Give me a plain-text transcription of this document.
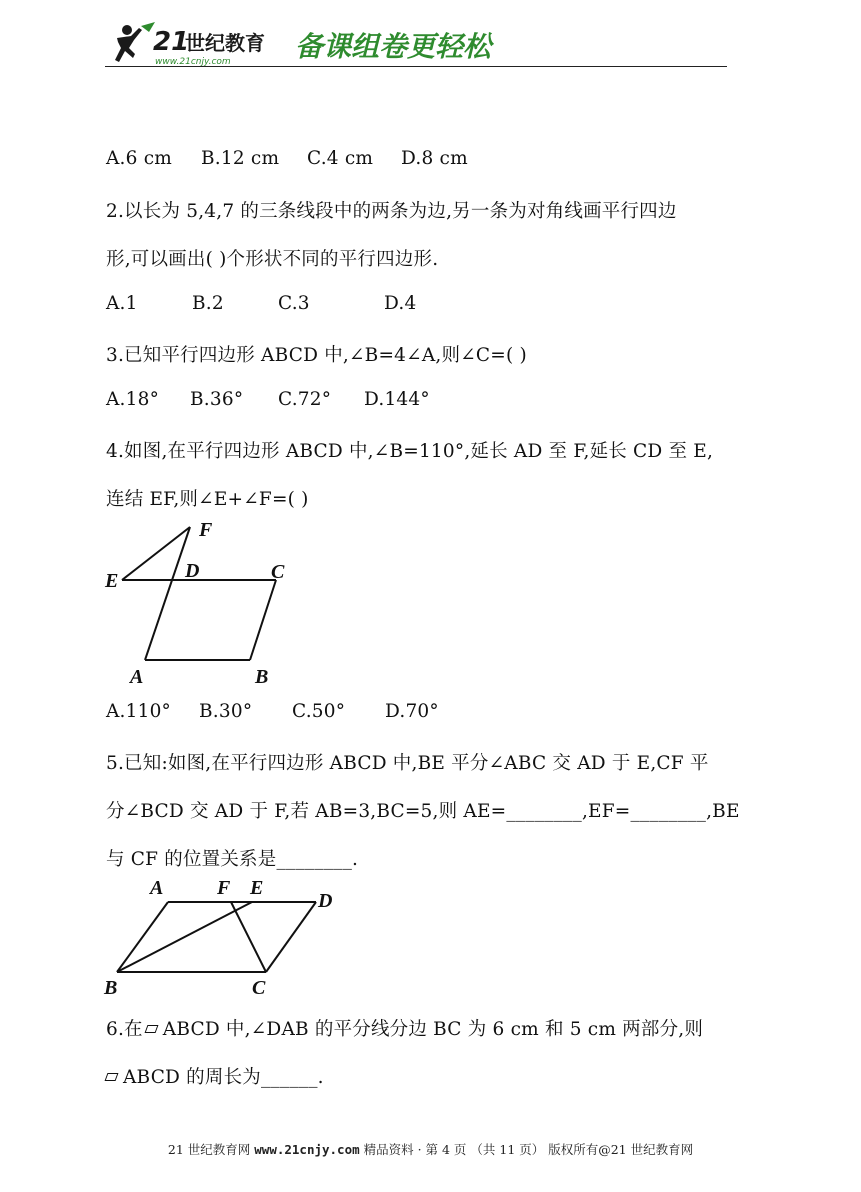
21
世纪教育
www.21cnjy.com 备课组卷更轻松
A.6 cm B.12 cm C.4 cm D.8 cm
2.以长为 5,4,7 的三条线段中的两条为边,另一条为对角线画平行四边
形,可以画出( )个形状不同的平行四边形.
A.1	B.2	C.3	D.4
3.已知平行四边形 ABCD 中,∠B=4∠A,则∠C=( )
A.18° B.36° C.72° D.144°
4.如图,在平行四边形 ABCD 中,∠B=110°,延长 AD 至 F,延长 CD 至 E,
连结 EF,则∠E+∠F=( )
F
E	D	C
A	B
A.110° B.30° C.50° D.70°
5.已知:如图,在平行四边形 ABCD 中,BE 平分∠ABC 交 AD 于 E,CF 平
分∠BCD 交 AD 于 F,若 AB=3,BC=5,则 AE=________,EF=________,BE
与 CF 的位置关系是________.
A	F E
D
B	C
6.在 ABCD 中,∠DAB 的平分线分边 BC 为 6 cm 和 5 cm 两部分,则
ABCD 的周长为______.
21 世纪教育网 www.21cnjy.com 精品资料 · 第 4 页 （共 11 页） 版权所有@21 世纪教育网
